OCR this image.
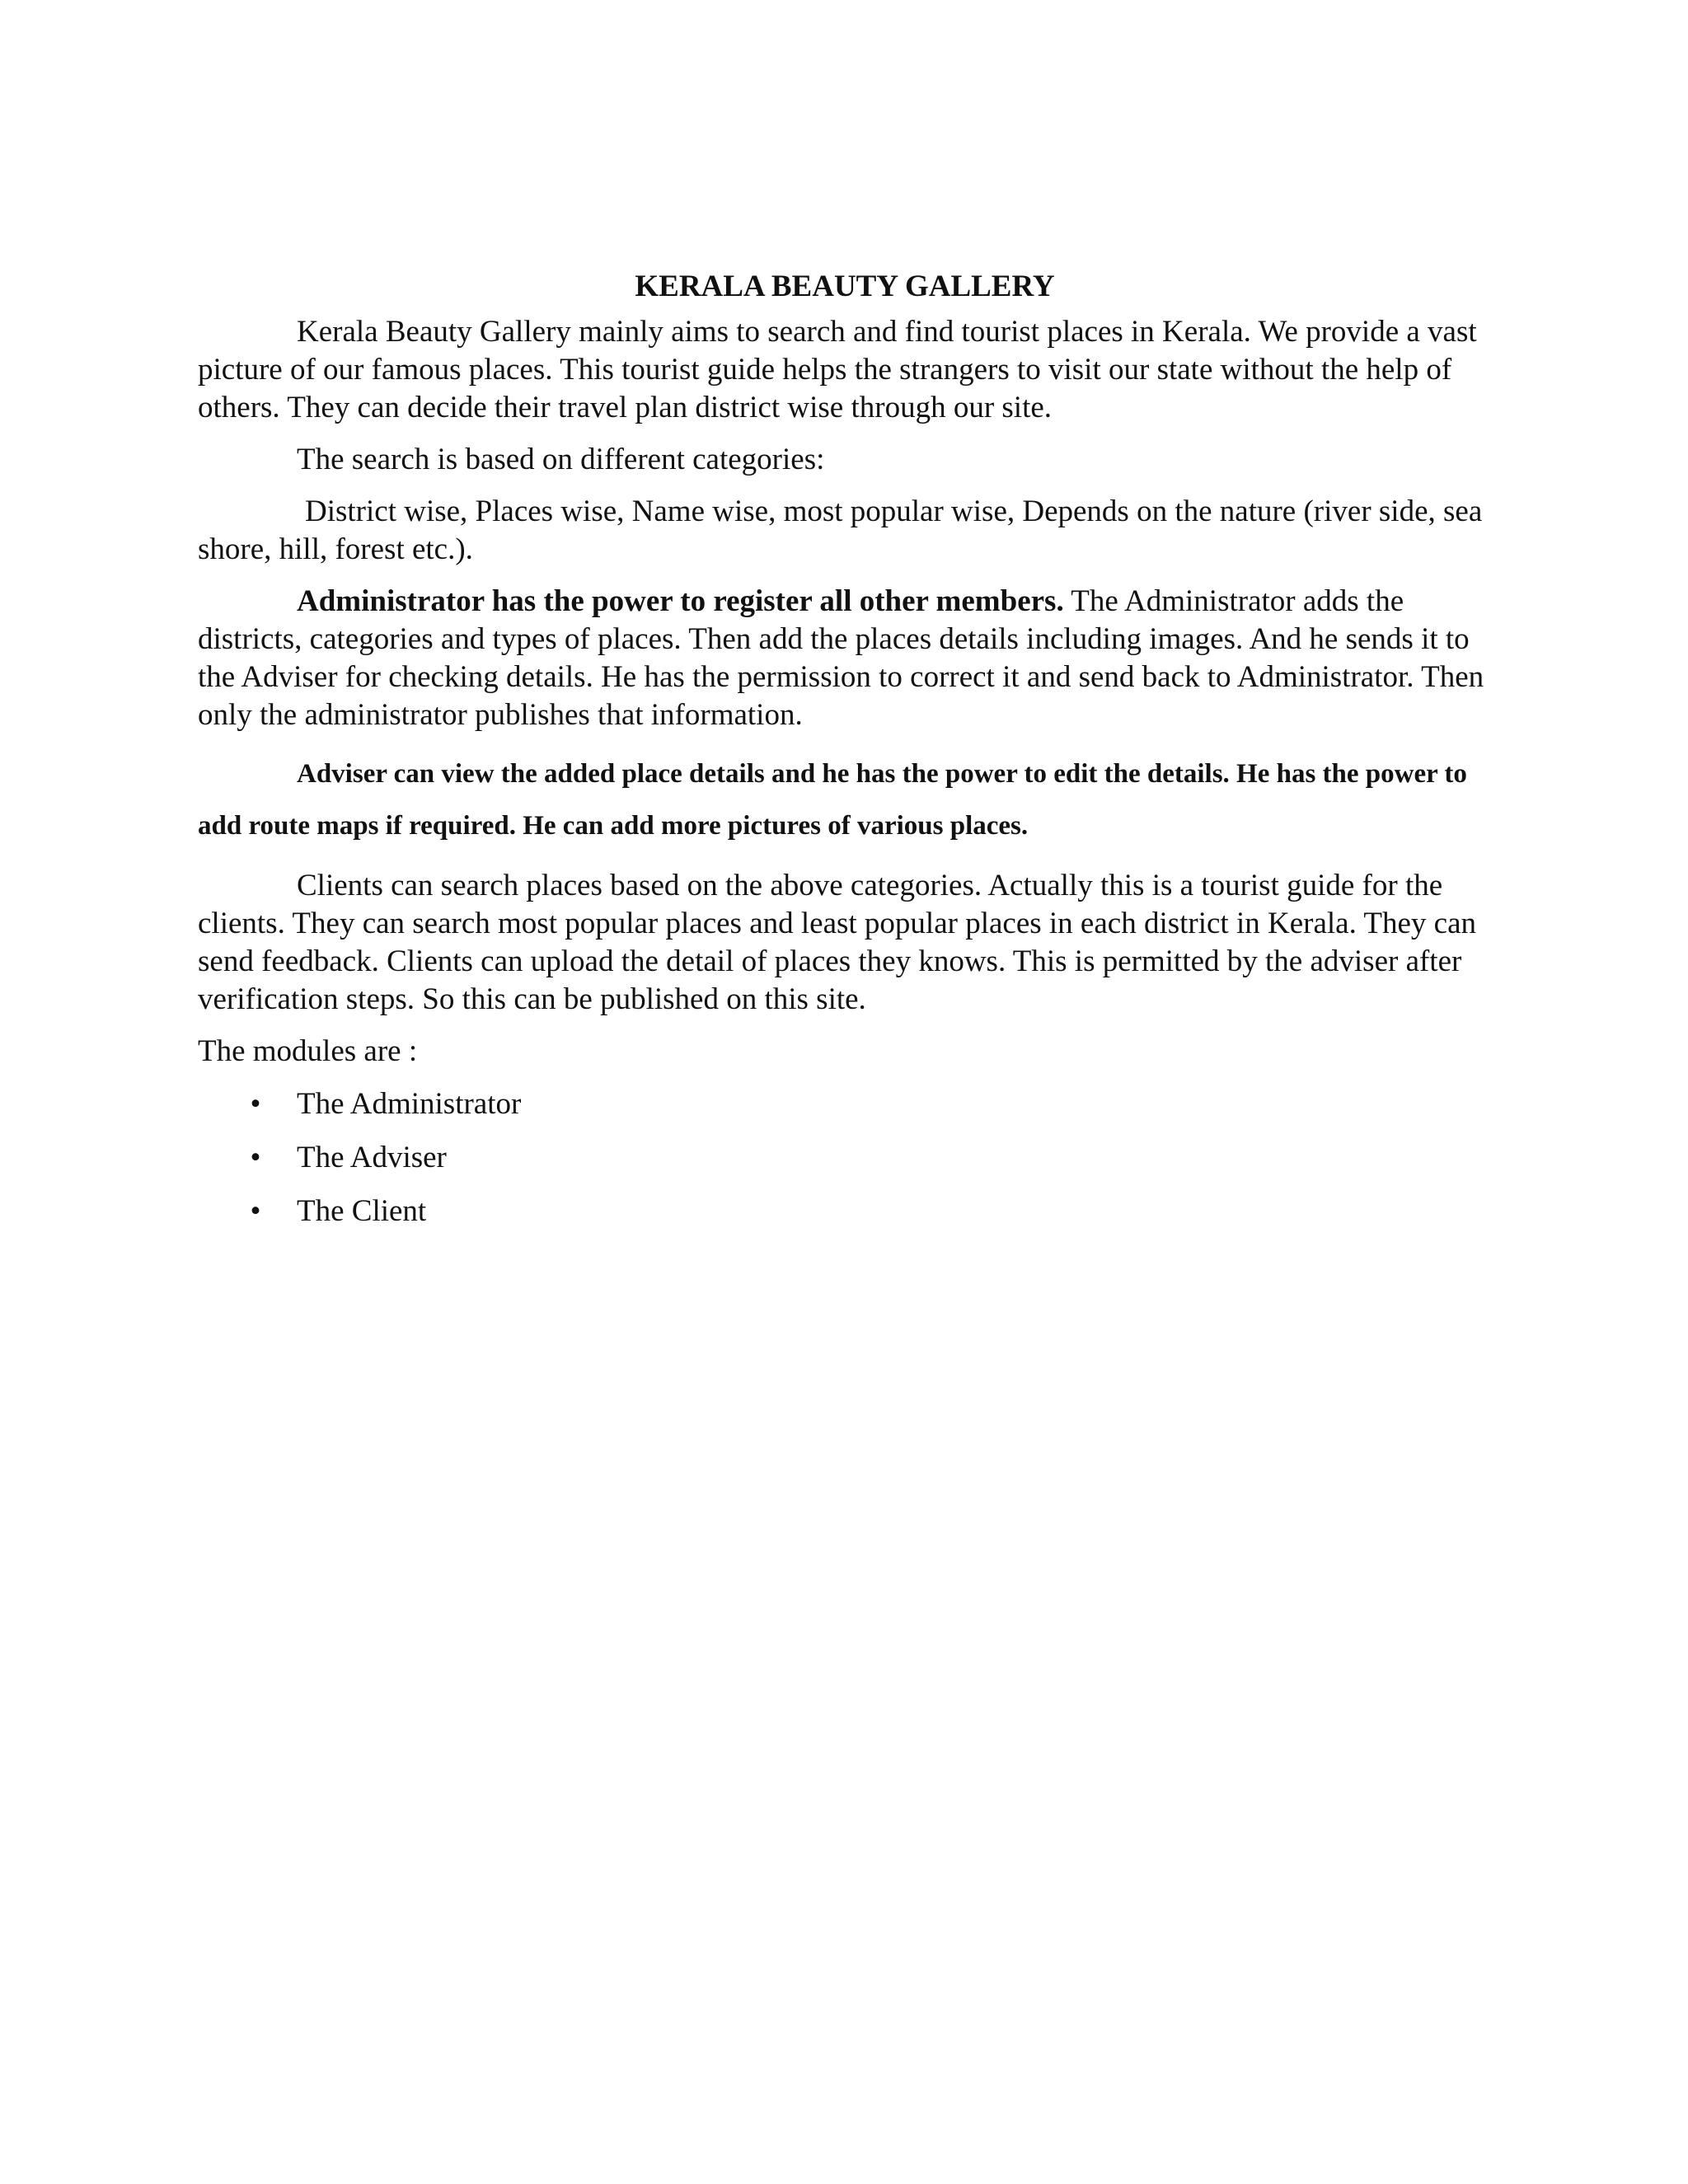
KERALA BEAUTY GALLERY

Kerala Beauty Gallery mainly aims to search and find tourist places in Kerala. We provide a vast picture of our famous places. This tourist guide helps the strangers to visit our state without the help of others. They can decide their travel plan district wise through our site.

The search is based on different categories:

District wise, Places wise, Name wise, most popular wise, Depends on the nature (river side, sea shore, hill, forest etc.).

Administrator has the power to register all other members. The Administrator adds the districts, categories and types of places. Then add the places details including images. And he sends it to the Adviser for checking details. He has the permission to correct it and send back to Administrator. Then only the administrator publishes that information.

Adviser can view the added place details and he has the power to edit the details. He has the power to add route maps if required. He can add more pictures of various places.

Clients can search places based on the above categories. Actually this is a tourist guide for the clients. They can search most popular places and least popular places in each district in Kerala. They can send feedback. Clients can upload the detail of places they knows. This is permitted by the adviser after verification steps. So this can be published on this site.

The modules are :
• The Administrator
• The Adviser
• The Client
